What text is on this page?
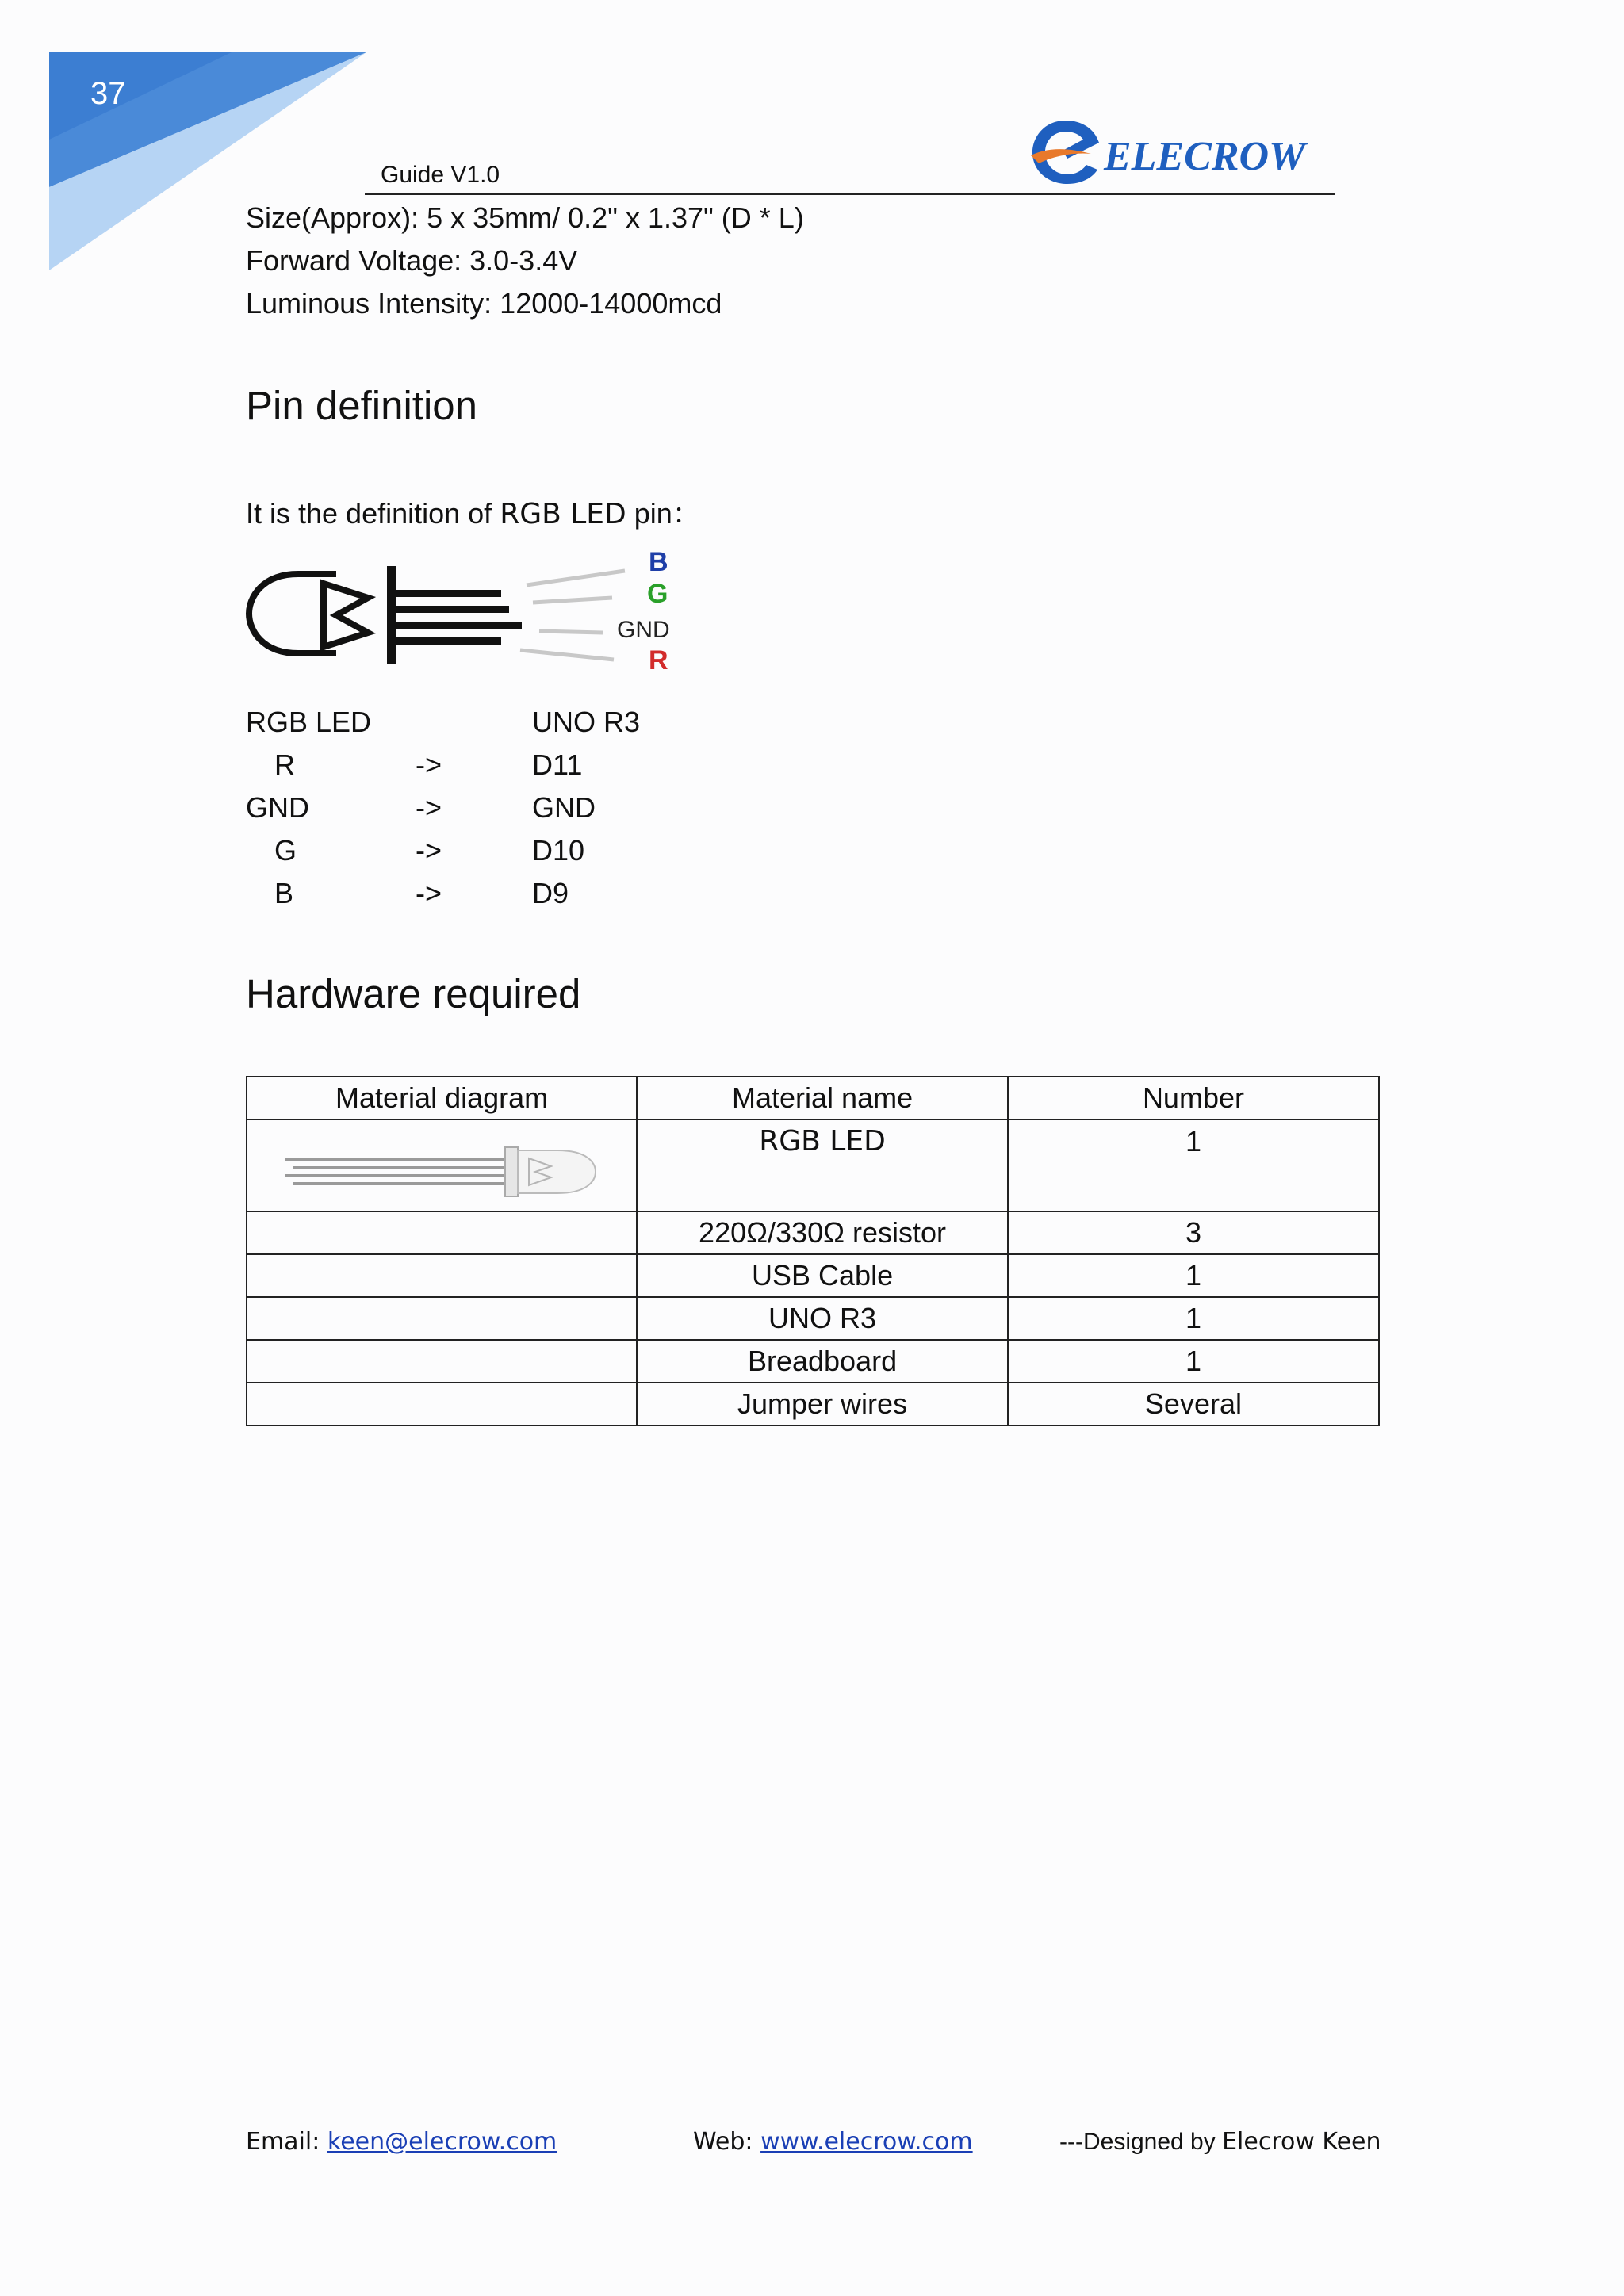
37
Guide V1.0	ELECROW
Size(Approx): 5 x 35mm/ 0.2" x 1.37" (D * L)
Forward Voltage: 3.0-3.4V
Luminous Intensity: 12000-14000mcd
Pin definition
It is the definition of RGB LED pin：
B
G
GND
R
RGB LED	UNO R3
R	->	D11
GND	->	GND
G	->	D10
B	->	D9
Hardware required
Material diagram	Material name	Number

	RGB LED	1
	220Ω/330Ω resistor	3
	USB Cable	1
	UNO R3	1
	Breadboard	1
	Jumper wires	Several
Email: keen@elecrow.com	Web: www.elecrow.com	---Designed by Elecrow Keen
